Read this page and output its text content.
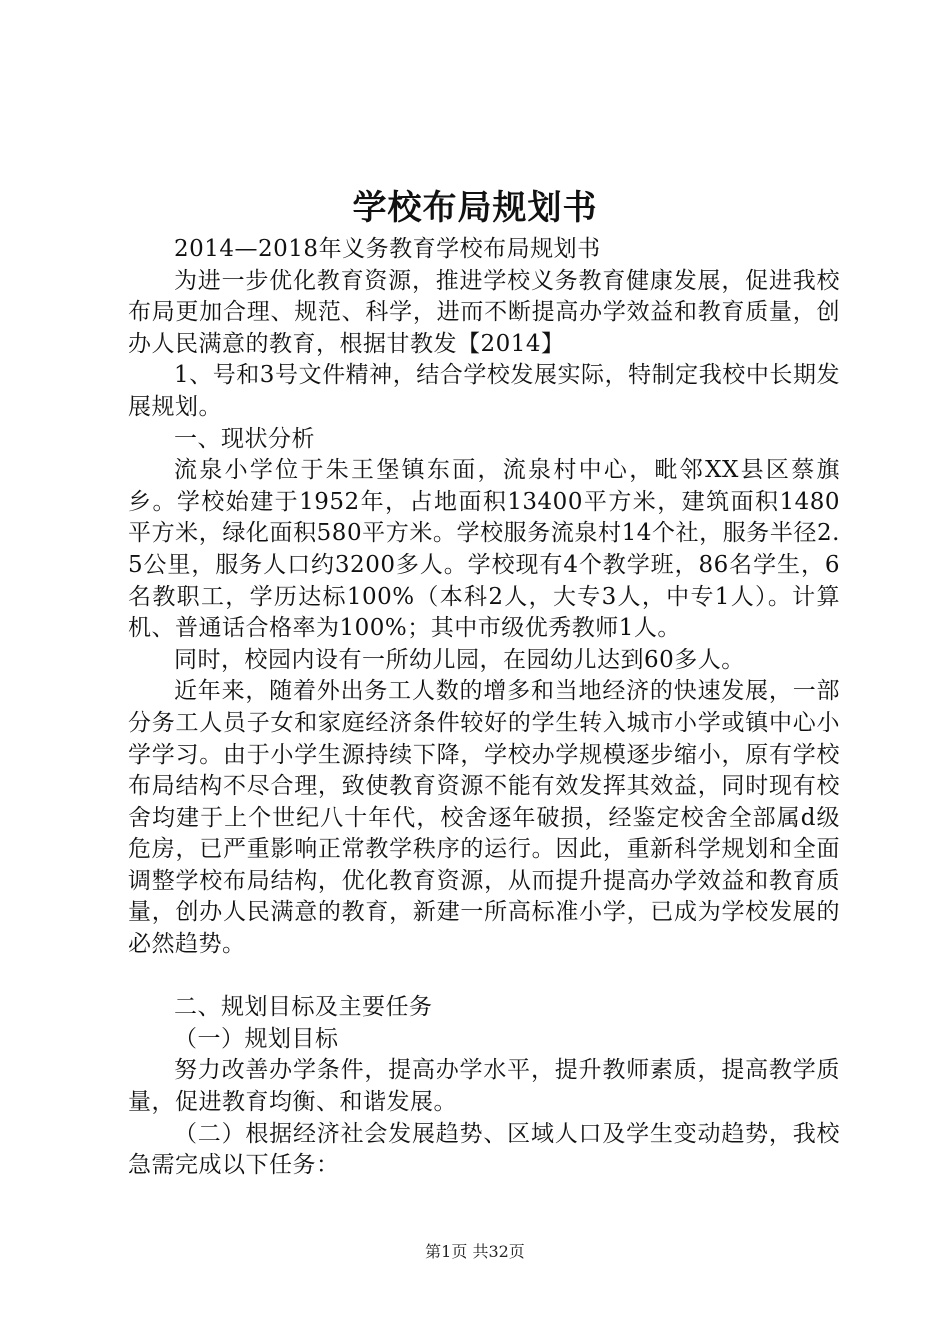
学校布局规划书

2014—2018年义务教育学校布局规划书

为进一步优化教育资源，推进学校义务教育健康发展，促进我校布局更加合理、规范、科学，进而不断提高办学效益和教育质量，创办人民满意的教育，根据甘教发【2014】

1、号和3号文件精神，结合学校发展实际，特制定我校中长期发展规划。

一、现状分析

流泉小学位于朱王堡镇东面，流泉村中心，毗邻XX县区蔡旗乡。学校始建于1952年，占地面积13400平方米，建筑面积1480平方米，绿化面积580平方米。学校服务流泉村14个社，服务半径2.5公里，服务人口约3200多人。学校现有4个教学班，86名学生，6名教职工，学历达标100%（本科2人，大专3人，中专1人）。计算机、普通话合格率为100%；其中市级优秀教师1人。

同时，校园内设有一所幼儿园，在园幼儿达到60多人。

近年来，随着外出务工人数的增多和当地经济的快速发展，一部分务工人员子女和家庭经济条件较好的学生转入城市小学或镇中心小学学习。由于小学生源持续下降，学校办学规模逐步缩小，原有学校布局结构不尽合理，致使教育资源不能有效发挥其效益，同时现有校舍均建于上个世纪八十年代，校舍逐年破损，经鉴定校舍全部属d级危房，已严重影响正常教学秩序的运行。因此，重新科学规划和全面调整学校布局结构，优化教育资源，从而提升提高办学效益和教育质量，创办人民满意的教育，新建一所高标准小学，已成为学校发展的必然趋势。

二、规划目标及主要任务

（一）规划目标

努力改善办学条件，提高办学水平，提升教师素质，提高教学质量，促进教育均衡、和谐发展。

（二）根据经济社会发展趋势、区域人口及学生变动趋势，我校急需完成以下任务：

第1页 共32页
